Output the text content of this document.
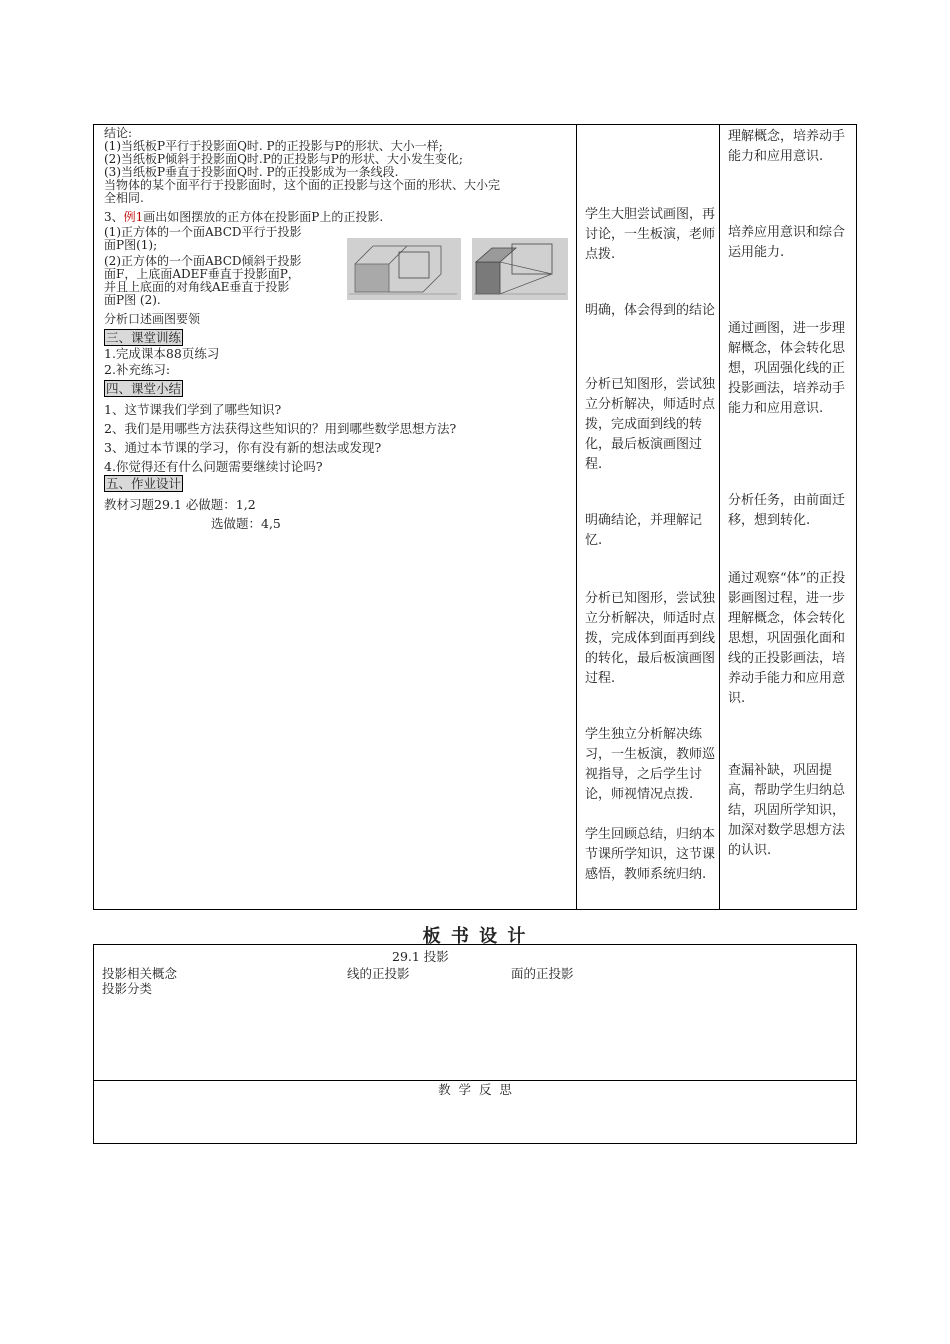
结论:
(1)当纸板P平行于投影面Q时. P的正投影与P的形状、大小一样;
(2)当纸板P倾斜于投影面Q时.P的正投影与P的形状、大小发生变化;
(3)当纸板P垂直于投影面Q时. P的正投影成为一条线段.
当物体的某个面平行于投影面时，这个面的正投影与这个面的形状、大小完
全相同.
3、例1画出如图摆放的正方体在投影面P上的正投影.
(1)正方体的一个面ABCD平行于投影
面P图(1);
(2)正方体的一个面ABCD倾斜于投影
面F，上底面ADEF垂直于投影面P，
并且上底面的对角线AE垂直于投影
面P图 (2).
分析口述画图要领
三、课堂训练
1.完成课本88页练习
2.补充练习:
四、课堂小结
1、这节课我们学到了哪些知识?
2、我们是用哪些方法获得这些知识的？用到哪些数学思想方法?
3、通过本节课的学习，你有没有新的想法或发现?
4.你觉得还有什么问题需要继续讨论吗?
五、作业设计
教材习题29.1 必做题：1,2
选做题：4,5
学生大胆尝试画图，再讨论，一生板演，老师点拨.
明确，体会得到的结论
分析已知图形，尝试独立分析解决，师适时点拨，完成面到线的转化，最后板演画图过程.
明确结论，并理解记忆.
分析已知图形，尝试独立分析解决，师适时点拨，完成体到面再到线的转化，最后板演画图过程.
学生独立分析解决练习，一生板演，教师巡视指导，之后学生讨论，师视情况点拨.
学生回顾总结，归纳本节课所学知识，这节课感悟，教师系统归纳.
理解概念，培养动手能力和应用意识.
培养应用意识和综合运用能力.
通过画图，进一步理解概念，体会转化思想，巩固强化线的正投影画法，培养动手能力和应用意识.
分析任务，由前面迁移，想到转化.
通过观察“体”的正投影画图过程，进一步理解概念，体会转化思想，巩固强化面和线的正投影画法，培养动手能力和应用意识.
查漏补缺，巩固提高，帮助学生归纳总结，巩固所学知识，加深对数学思想方法的认识.
板 书 设 计
29.1 投影
投影相关概念	线的正投影	面的正投影
投影分类
教  学  反  思
